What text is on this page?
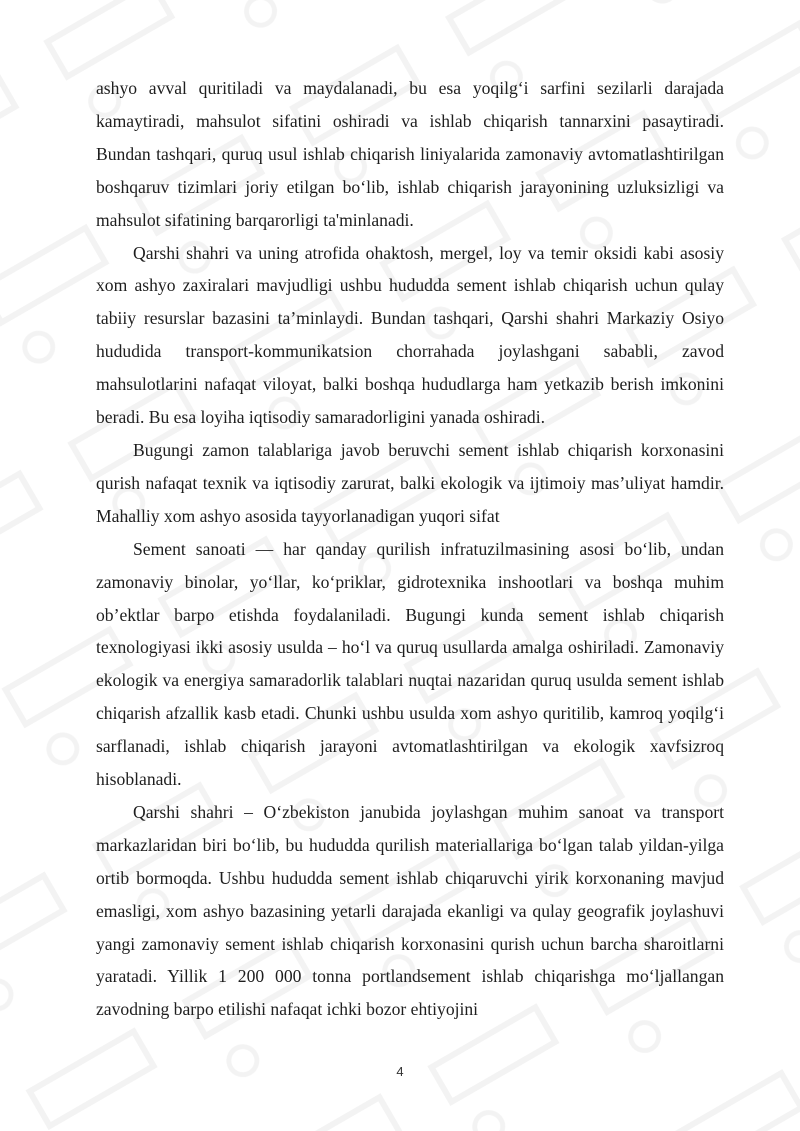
ashyo avval quritiladi va maydalanadi, bu esa yoqilg‘i sarfini sezilarli darajada kamaytiradi, mahsulot sifatini oshiradi va ishlab chiqarish tannarxini pasaytiradi. Bundan tashqari, quruq usul ishlab chiqarish liniyalarida zamonaviy avtomatlashtirilgan boshqaruv tizimlari joriy etilgan bo‘lib, ishlab chiqarish jarayonining uzluksizligi va mahsulot sifatining barqarorligi ta'minlanadi.

Qarshi shahri va uning atrofida ohaktosh, mergel, loy va temir oksidi kabi asosiy xom ashyo zaxiralari mavjudligi ushbu hududda sement ishlab chiqarish uchun qulay tabiiy resurslar bazasini ta’minlaydi. Bundan tashqari, Qarshi shahri Markaziy Osiyo hududida transport-kommunikatsion chorrahada joylashgani sababli, zavod mahsulotlarini nafaqat viloyat, balki boshqa hududlarga ham yetkazib berish imkonini beradi. Bu esa loyiha iqtisodiy samaradorligini yanada oshiradi.

Bugungi zamon talablariga javob beruvchi sement ishlab chiqarish korxonasini qurish nafaqat texnik va iqtisodiy zarurat, balki ekologik va ijtimoiy mas’uliyat hamdir. Mahalliy xom ashyo asosida tayyorlanadigan yuqori sifat

Sement sanoati — har qanday qurilish infratuzilmasining asosi bo‘lib, undan zamonaviy binolar, yo‘llar, ko‘priklar, gidrotexnika inshootlari va boshqa muhim ob’ektlar barpo etishda foydalaniladi. Bugungi kunda sement ishlab chiqarish texnologiyasi ikki asosiy usulda – ho‘l va quruq usullarda amalga oshiriladi. Zamonaviy ekologik va energiya samaradorlik talablari nuqtai nazaridan quruq usulda sement ishlab chiqarish afzallik kasb etadi. Chunki ushbu usulda xom ashyo quritilib, kamroq yoqilg‘i sarflanadi, ishlab chiqarish jarayoni avtomatlashtirilgan va ekologik xavfsizroq hisoblanadi.

Qarshi shahri – O‘zbekiston janubida joylashgan muhim sanoat va transport markazlaridan biri bo‘lib, bu hududda qurilish materiallariga bo‘lgan talab yildan-yilga ortib bormoqda. Ushbu hududda sement ishlab chiqaruvchi yirik korxonaning mavjud emasligi, xom ashyo bazasining yetarli darajada ekanligi va qulay geografik joylashuvi yangi zamonaviy sement ishlab chiqarish korxonasini qurish uchun barcha sharoitlarni yaratadi. Yillik 1 200 000 tonna portlandsement ishlab chiqarishga mo‘ljallangan zavodning barpo etilishi nafaqat ichki bozor ehtiyojini

4
